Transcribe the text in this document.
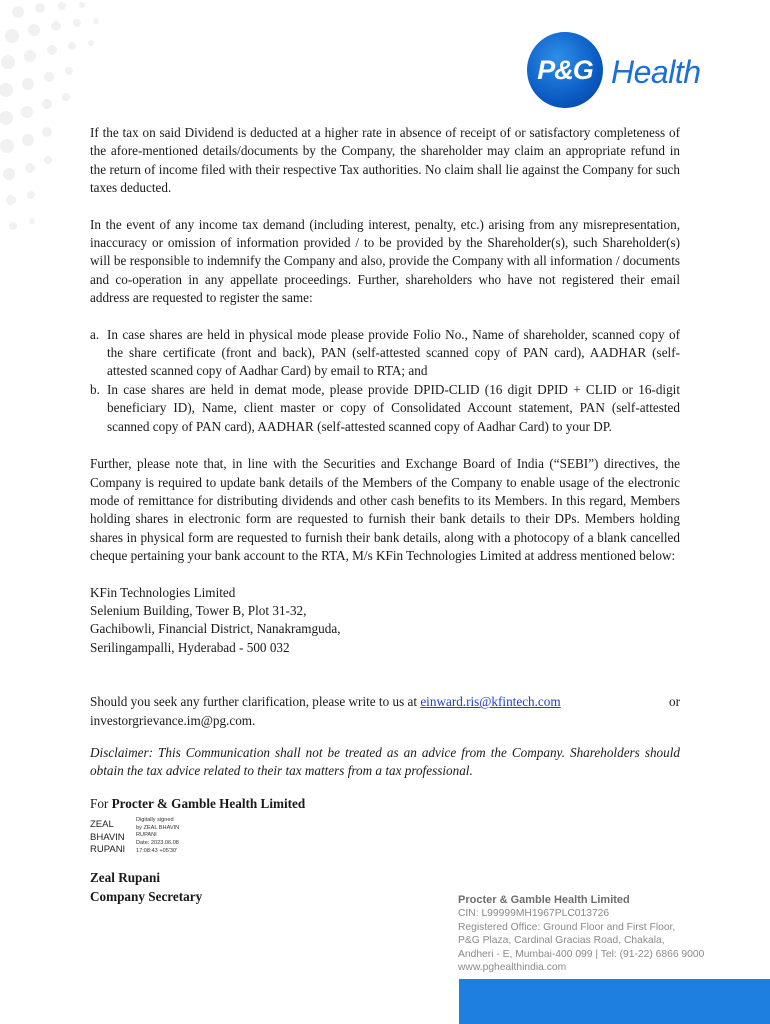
P&G Health

If the tax on said Dividend is deducted at a higher rate in absence of receipt of or satisfactory completeness of the afore-mentioned details/documents by the Company, the shareholder may claim an appropriate refund in the return of income filed with their respective Tax authorities. No claim shall lie against the Company for such taxes deducted.

In the event of any income tax demand (including interest, penalty, etc.) arising from any misrepresentation, inaccuracy or omission of information provided / to be provided by the Shareholder(s), such Shareholder(s) will be responsible to indemnify the Company and also, provide the Company with all information / documents and co-operation in any appellate proceedings. Further, shareholders who have not registered their email address are requested to register the same:

a. In case shares are held in physical mode please provide Folio No., Name of shareholder, scanned copy of the share certificate (front and back), PAN (self-attested scanned copy of PAN card), AADHAR (self-attested scanned copy of Aadhar Card) by email to RTA; and
b. In case shares are held in demat mode, please provide DPID-CLID (16 digit DPID + CLID or 16-digit beneficiary ID), Name, client master or copy of Consolidated Account statement, PAN (self-attested scanned copy of PAN card), AADHAR (self-attested scanned copy of Aadhar Card) to your DP.

Further, please note that, in line with the Securities and Exchange Board of India (“SEBI”) directives, the Company is required to update bank details of the Members of the Company to enable usage of the electronic mode of remittance for distributing dividends and other cash benefits to its Members. In this regard, Members holding shares in electronic form are requested to furnish their bank details to their DPs. Members holding shares in physical form are requested to furnish their bank details, along with a photocopy of a blank cancelled cheque pertaining your bank account to the RTA, M/s KFin Technologies Limited at address mentioned below:

KFin Technologies Limited

Selenium Building, Tower B, Plot 31-32,

Gachibowli, Financial District, Nanakramguda,

Serilingampalli, Hyderabad - 500 032

Should you seek any further clarification, please write to us at einward.ris@kfintech.com	or

investorgrievance.im@pg.com.

Disclaimer: This Communication shall not be treated as an advice from the Company. Shareholders should obtain the tax advice related to their tax matters from a tax professional.

For Procter & Gamble Health Limited

ZEAL
BHAVIN
RUPANI
Digitally signed
by ZEAL BHAVIN
RUPANI
Date: 2023.06.08
17:08:43 +05'30'

Zeal Rupani

Company Secretary	Procter & Gamble Health Limited
CIN: L99999MH1967PLC013726
Registered Office: Ground Floor and First Floor,
P&G Plaza, Cardinal Gracias Road, Chakala,
Andheri - E, Mumbai-400 099 | Tel: (91-22) 6866 9000
www.pghealthindia.com
